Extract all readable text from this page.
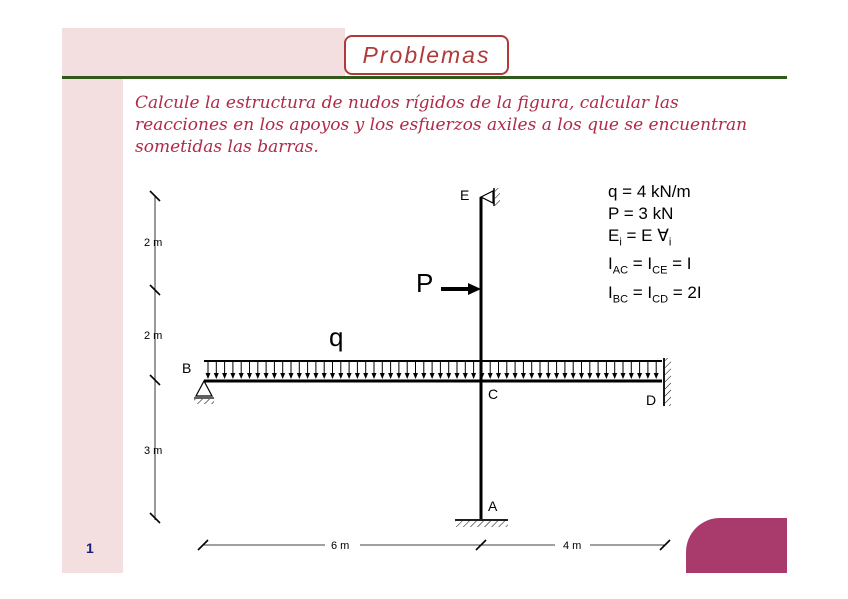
Problemas
Calcule la estructura de nudos rígidos de la figura, calcular las reacciones en los apoyos y los esfuerzos axiles a los que se encuentran sometidas las barras.
2 m
2 m
3 m
6 m	4 m
E
B
C	D
A
P
q
q = 4 kN/m
P = 3 kN
$E_i = E$ $\forall_i$
$I_{AC} = I_{CE} = I$
$I_{BC} = I_{CD} = 2I$
1
